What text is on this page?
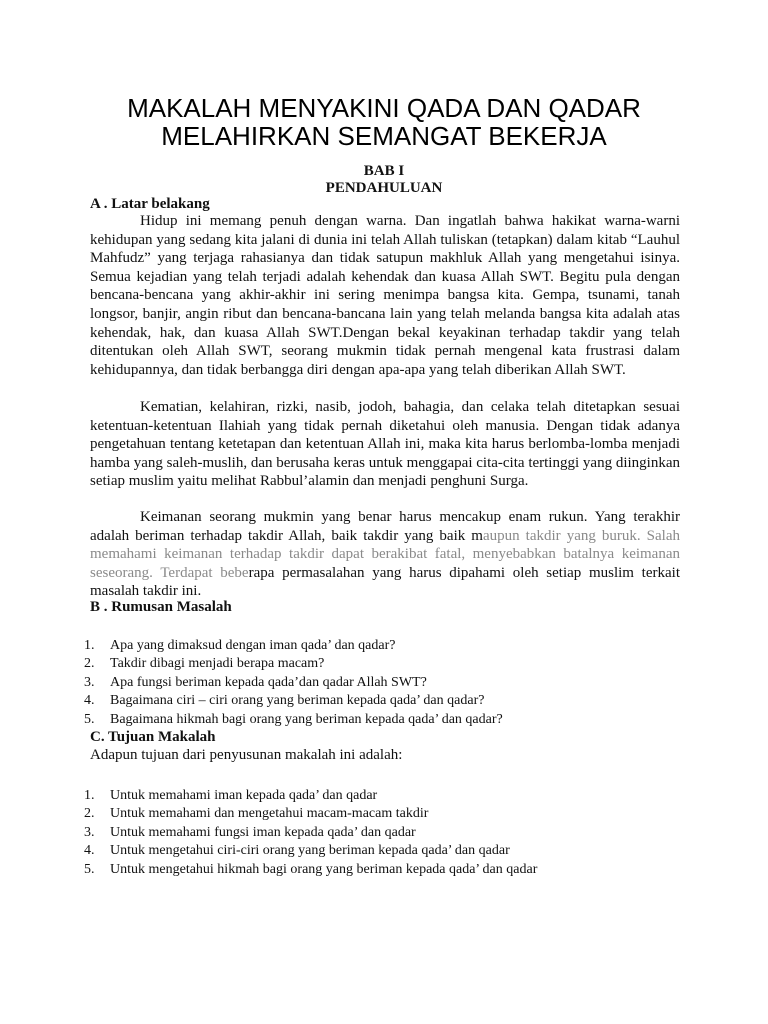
MAKALAH MENYAKINI QADA DAN QADAR
MELAHIRKAN SEMANGAT BEKERJA
BAB I
PENDAHULUAN
A . Latar belakang

Hidup ini memang penuh dengan warna. Dan ingatlah bahwa hakikat warna-warni kehidupan yang sedang kita jalani di dunia ini telah Allah tuliskan (tetapkan) dalam kitab “Lauhul Mahfudz” yang terjaga rahasianya dan tidak satupun makhluk Allah yang mengetahui isinya. Semua kejadian yang telah terjadi adalah kehendak dan kuasa Allah SWT. Begitu pula dengan bencana-bencana yang akhir-akhir ini sering menimpa bangsa kita. Gempa, tsunami, tanah longsor, banjir, angin ribut dan bencana-bancana lain yang telah melanda bangsa kita adalah atas kehendak, hak, dan kuasa Allah SWT.Dengan bekal keyakinan terhadap takdir yang telah ditentukan oleh Allah SWT, seorang mukmin tidak pernah mengenal kata frustrasi dalam kehidupannya, dan tidak berbangga diri dengan apa-apa yang telah diberikan Allah SWT.

Kematian, kelahiran, rizki, nasib, jodoh, bahagia, dan celaka telah ditetapkan sesuai ketentuan-ketentuan Ilahiah yang tidak pernah diketahui oleh manusia. Dengan tidak adanya pengetahuan tentang ketetapan dan ketentuan Allah ini, maka kita harus berlomba-lomba menjadi hamba yang saleh-muslih, dan berusaha keras untuk menggapai cita-cita tertinggi yang diinginkan setiap muslim yaitu melihat Rabbul’alamin dan menjadi penghuni Surga.

Keimanan seorang mukmin yang benar harus mencakup enam rukun. Yang terakhir adalah beriman terhadap takdir Allah, baik takdir yang baik maupun takdir yang buruk. Salah memahami keimanan terhadap takdir dapat berakibat fatal, menyebabkan batalnya keimanan seseorang. Terdapat beberapa permasalahan yang harus dipahami oleh setiap muslim terkait masalah takdir ini.

B . Rumusan Masalah
1. Apa yang dimaksud dengan iman qada’ dan qadar?
2. Takdir dibagi menjadi berapa macam?
3. Apa fungsi beriman kepada qada’dan qadar Allah SWT?
4. Bagaimana ciri – ciri orang yang beriman kepada qada’ dan qadar?
5. Bagaimana hikmah bagi orang yang beriman kepada qada’ dan qadar?
C. Tujuan Makalah
Adapun tujuan dari penyusunan makalah ini adalah:
1. Untuk memahami iman kepada qada’ dan qadar
2. Untuk memahami dan mengetahui macam-macam takdir
3. Untuk memahami fungsi iman kepada qada’ dan qadar
4. Untuk mengetahui ciri-ciri orang yang beriman kepada qada’ dan qadar
5. Untuk mengetahui hikmah bagi orang yang beriman kepada qada’ dan qadar
